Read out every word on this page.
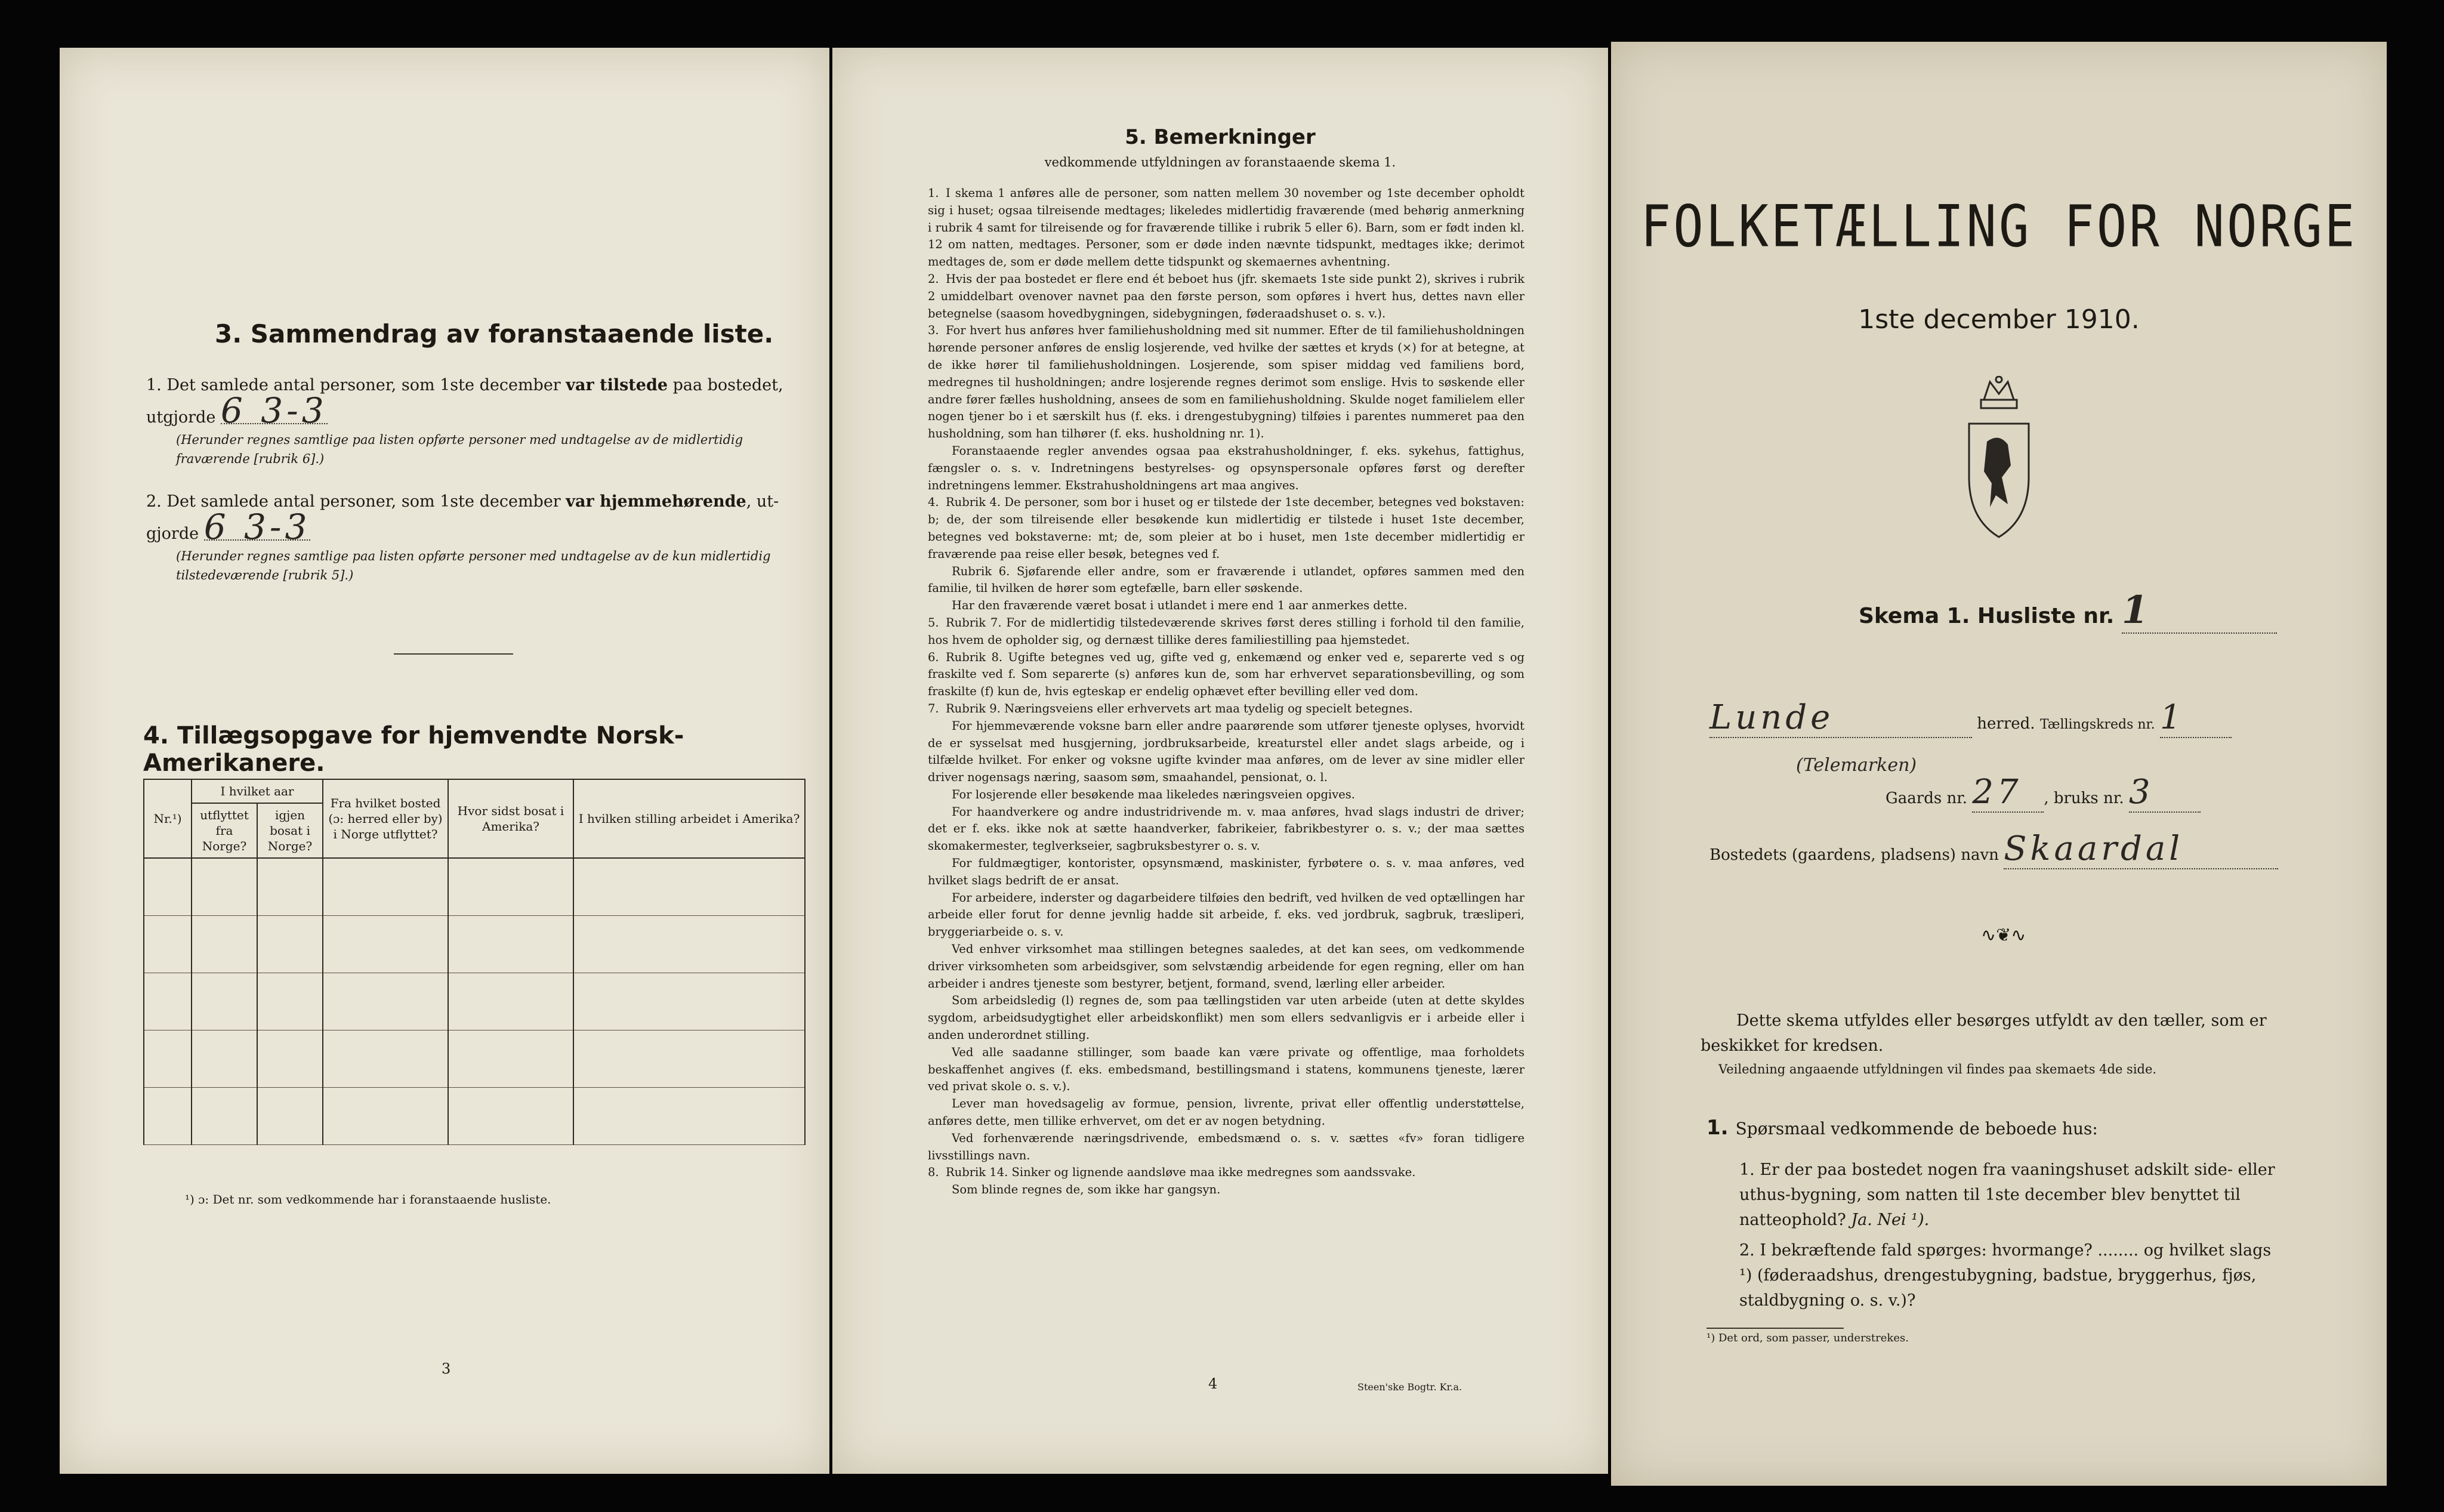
3. Sammendrag av foranstaaende liste.
1. Det samlede antal personer, som 1ste december var tilstede paa bostedet,
utgjorde 6 3-3
(Herunder regnes samtlige paa listen opførte personer med undtagelse av de midlertidig fraværende [rubrik 6].)
2. Det samlede antal personer, som 1ste december var hjemmehørende, ut-
gjorde 6 3-3
(Herunder regnes samtlige paa listen opførte personer med undtagelse av de kun midlertidig tilstedeværende [rubrik 5].)
4. Tillægsopgave for hjemvendte Norsk-Amerikanere.
Nr.¹)	I hvilket aar		Fra hvilket bosted (ɔ: herred eller by) i Norge utflyttet?	Hvor sidst bosat i Amerika?	I hvilken stilling arbeidet i Amerika?
	utflyttet fra Norge?	igjen bosat i Norge?			

¹) ɔ: Det nr. som vedkommende har i foranstaaende husliste.
3
5. Bemerkninger
vedkommende utfyldningen av foranstaaende skema 1.

1. I skema 1 anføres alle de personer, som natten mellem 30 november og 1ste december opholdt sig i huset; ogsaa tilreisende medtages; likeledes midlertidig fraværende (med behørig anmerkning i rubrik 4 samt for tilreisende og for fraværende tillike i rubrik 5 eller 6). Barn, som er født inden kl. 12 om natten, medtages. Personer, som er døde inden nævnte tidspunkt, medtages ikke; derimot medtages de, som er døde mellem dette tidspunkt og skemaernes avhentning.

2. Hvis der paa bostedet er flere end ét beboet hus (jfr. skemaets 1ste side punkt 2), skrives i rubrik 2 umiddelbart ovenover navnet paa den første person, som opføres i hvert hus, dettes navn eller betegnelse (saasom hovedbygningen, sidebygningen, føderaadshuset o. s. v.).

3. For hvert hus anføres hver familiehusholdning med sit nummer. Efter de til familiehusholdningen hørende personer anføres de enslig losjerende, ved hvilke der sættes et kryds (×) for at betegne, at de ikke hører til familiehusholdningen. Losjerende, som spiser middag ved familiens bord, medregnes til husholdningen; andre losjerende regnes derimot som enslige. Hvis to søskende eller andre fører fælles husholdning, ansees de som en familiehusholdning. Skulde noget familielem eller nogen tjener bo i et særskilt hus (f. eks. i drengestubygning) tilføies i parentes nummeret paa den husholdning, som han tilhører (f. eks. husholdning nr. 1).

Foranstaaende regler anvendes ogsaa paa ekstrahusholdninger, f. eks. sykehus, fattighus, fængsler o. s. v. Indretningens bestyrelses- og opsynspersonale opføres først og derefter indretningens lemmer. Ekstrahusholdningens art maa angives.

4. Rubrik 4. De personer, som bor i huset og er tilstede der 1ste december, betegnes ved bokstaven: b; de, der som tilreisende eller besøkende kun midlertidig er tilstede i huset 1ste december, betegnes ved bokstaverne: mt; de, som pleier at bo i huset, men 1ste december midlertidig er fraværende paa reise eller besøk, betegnes ved f.

Rubrik 6. Sjøfarende eller andre, som er fraværende i utlandet, opføres sammen med den familie, til hvilken de hører som egtefælle, barn eller søskende.

Har den fraværende været bosat i utlandet i mere end 1 aar anmerkes dette.

5. Rubrik 7. For de midlertidig tilstedeværende skrives først deres stilling i forhold til den familie, hos hvem de opholder sig, og dernæst tillike deres familiestilling paa hjemstedet.

6. Rubrik 8. Ugifte betegnes ved ug, gifte ved g, enkemænd og enker ved e, separerte ved s og fraskilte ved f. Som separerte (s) anføres kun de, som har erhvervet separationsbevilling, og som fraskilte (f) kun de, hvis egteskap er endelig ophævet efter bevilling eller ved dom.

7. Rubrik 9. Næringsveiens eller erhvervets art maa tydelig og specielt betegnes.

For hjemmeværende voksne barn eller andre paarørende som utfører tjeneste oplyses, hvorvidt de er sysselsat med husgjerning, jordbruksarbeide, kreaturstel eller andet slags arbeide, og i tilfælde hvilket. For enker og voksne ugifte kvinder maa anføres, om de lever av sine midler eller driver nogensags næring, saasom søm, smaahandel, pensionat, o. l.

For losjerende eller besøkende maa likeledes næringsveien opgives.

For haandverkere og andre industridrivende m. v. maa anføres, hvad slags industri de driver; det er f. eks. ikke nok at sætte haandverker, fabrikeier, fabrikbestyrer o. s. v.; der maa sættes skomakermester, teglverkseier, sagbruksbestyrer o. s. v.

For fuldmægtiger, kontorister, opsynsmænd, maskinister, fyrbøtere o. s. v. maa anføres, ved hvilket slags bedrift de er ansat.

For arbeidere, inderster og dagarbeidere tilføies den bedrift, ved hvilken de ved optællingen har arbeide eller forut for denne jevnlig hadde sit arbeide, f. eks. ved jordbruk, sagbruk, træsliperi, bryggeriarbeide o. s. v.

Ved enhver virksomhet maa stillingen betegnes saaledes, at det kan sees, om vedkommende driver virksomheten som arbeidsgiver, som selvstændig arbeidende for egen regning, eller om han arbeider i andres tjeneste som bestyrer, betjent, formand, svend, lærling eller arbeider.

Som arbeidsledig (l) regnes de, som paa tællingstiden var uten arbeide (uten at dette skyldes sygdom, arbeidsudygtighet eller arbeidskonflikt) men som ellers sedvanligvis er i arbeide eller i anden underordnet stilling.

Ved alle saadanne stillinger, som baade kan være private og offentlige, maa forholdets beskaffenhet angives (f. eks. embedsmand, bestillingsmand i statens, kommunens tjeneste, lærer ved privat skole o. s. v.).

Lever man hovedsagelig av formue, pension, livrente, privat eller offentlig understøttelse, anføres dette, men tillike erhvervet, om det er av nogen betydning.

Ved forhenværende næringsdrivende, embedsmænd o. s. v. sættes «fv» foran tidligere livsstillings navn.

8. Rubrik 14. Sinker og lignende aandsløve maa ikke medregnes som aandssvake.

Som blinde regnes de, som ikke har gangsyn.

4	Steen'ske Bogtr. Kr.a.
FOLKETÆLLING FOR NORGE
1ste december 1910.
Skema 1. Husliste nr. 1
Lunde	herred. Tællingskreds nr. 1
(Telemarken)
Gaards nr. 27 , bruks nr. 3
Bostedets (gaardens, pladsens) navn Skaardal
∿❦∿
Dette skema utfyldes eller besørges utfyldt av den tæller, som er beskikket for kredsen.
Veiledning angaaende utfyldningen vil findes paa skemaets 4de side.
1. Spørsmaal vedkommende de beboede hus:
1. Er der paa bostedet nogen fra vaaningshuset adskilt side- eller uthus-bygning, som natten til 1ste december blev benyttet til natteophold? Ja. Nei ¹).
2. I bekræftende fald spørges: hvormange? ........ og hvilket slags ¹) (føderaadshus, drengestubygning, badstue, bryggerhus, fjøs, staldbygning o. s. v.)?
¹) Det ord, som passer, understrekes.
